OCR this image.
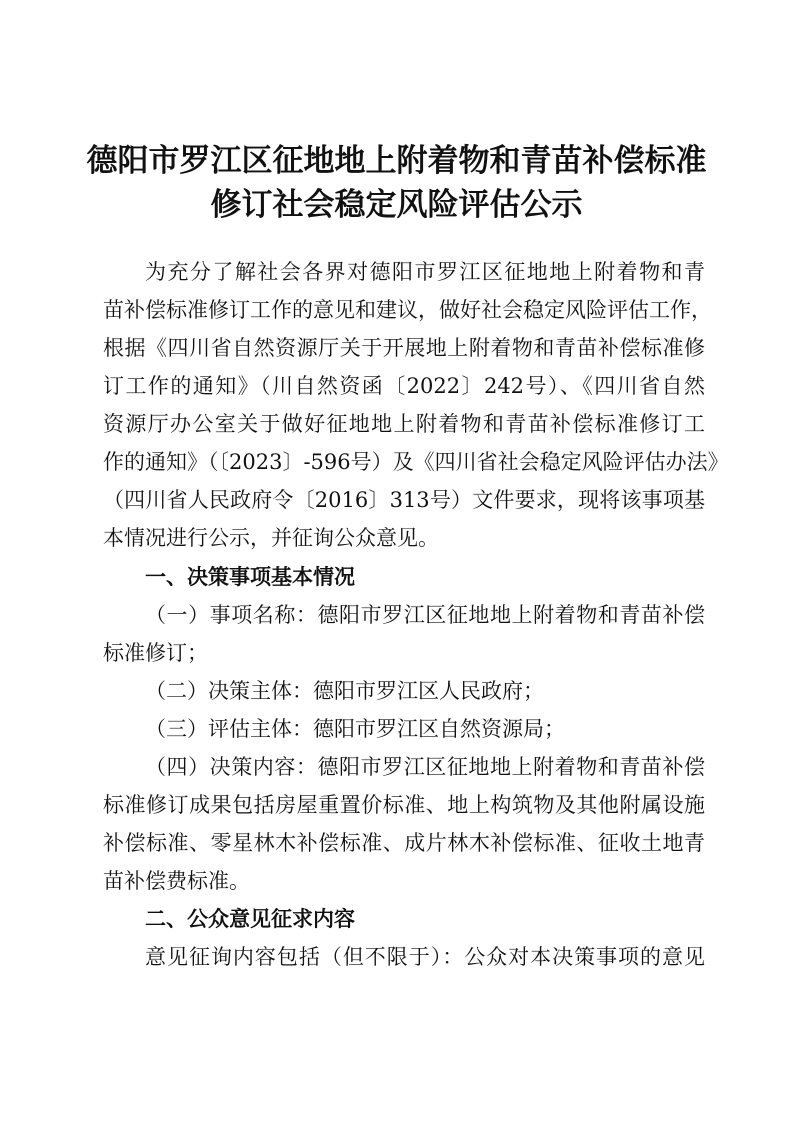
德阳市罗江区征地地上附着物和青苗补偿标准
修订社会稳定风险评估公示
为充分了解社会各界对德阳市罗江区征地地上附着物和青
苗补偿标准修订工作的意见和建议，做好社会稳定风险评估工作，
根据《四川省自然资源厅关于开展地上附着物和青苗补偿标准修
订工作的通知》（川自然资函〔2022〕242号）、《四川省自然
资源厅办公室关于做好征地地上附着物和青苗补偿标准修订工
作的通知》（〔2023〕-596号）及《四川省社会稳定风险评估办法》
（四川省人民政府令〔2016〕313号）文件要求，现将该事项基
本情况进行公示，并征询公众意见。
一、决策事项基本情况
（一）事项名称：德阳市罗江区征地地上附着物和青苗补偿
标准修订；
（二）决策主体：德阳市罗江区人民政府；
（三）评估主体：德阳市罗江区自然资源局；
（四）决策内容：德阳市罗江区征地地上附着物和青苗补偿
标准修订成果包括房屋重置价标准、地上构筑物及其他附属设施
补偿标准、零星林木补偿标准、成片林木补偿标准、征收土地青
苗补偿费标准。
二、公众意见征求内容
意见征询内容包括（但不限于）：公众对本决策事项的意见
